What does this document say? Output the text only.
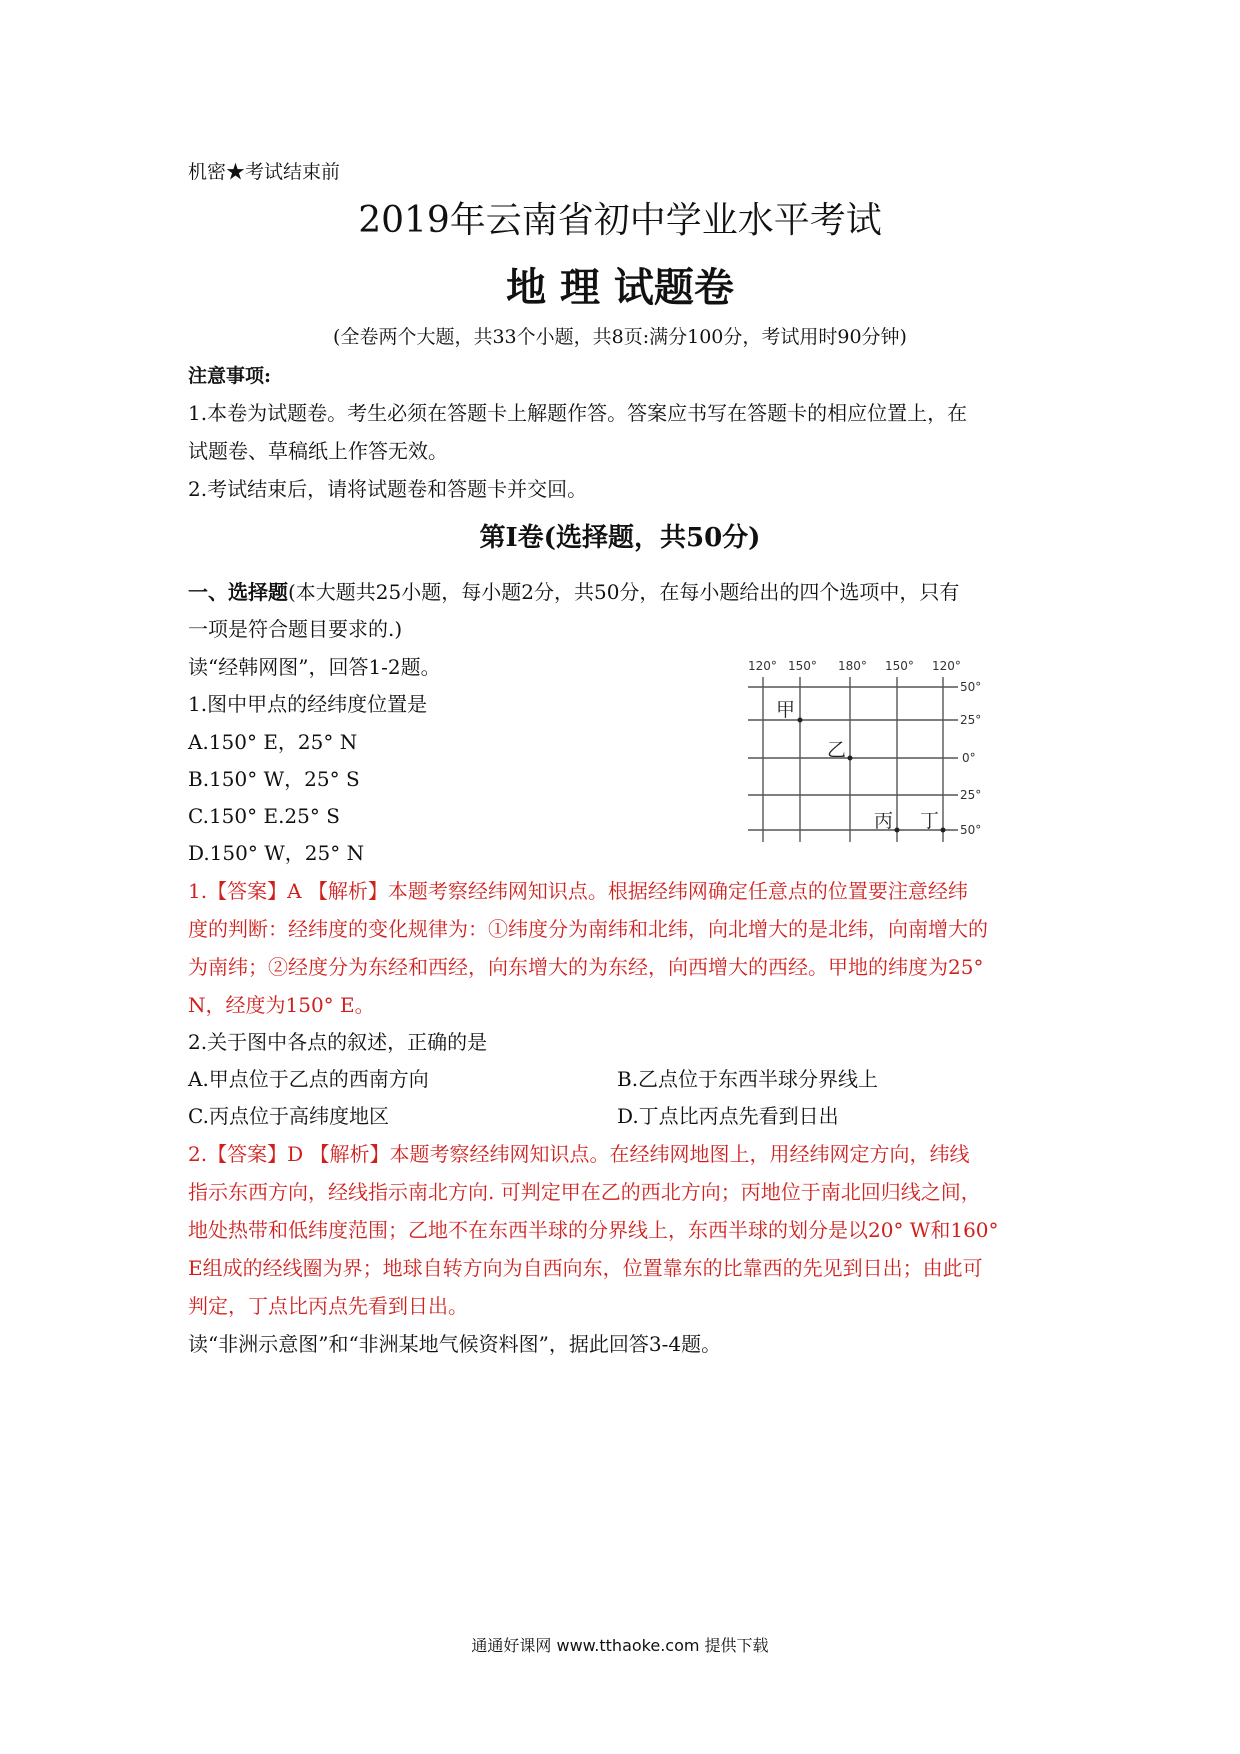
机密★考试结束前
2019年云南省初中学业水平考试
地 理 试题卷
(全卷两个大题，共33个小题，共8页:满分100分，考试用时90分钟)
注意事项:
1.本卷为试题卷。考生必须在答题卡上解题作答。答案应书写在答题卡的相应位置上，在
试题卷、草稿纸上作答无效。
2.考试结束后，请将试题卷和答题卡并交回。
第I卷(选择题，共50分)
一、选择题(本大题共25小题，每小题2分，共50分，在每小题给出的四个选项中，只有
一项是符合题目要求的.)
读“经韩网图”，回答1-2题。
1.图中甲点的经纬度位置是
A.150° E，25° N
B.150° W，25° S
C.150° E.25° S
D.150° W，25° N
1.【答案】A 【解析】本题考察经纬网知识点。根据经纬网确定任意点的位置要注意经纬
度的判断：经纬度的变化规律为：①纬度分为南纬和北纬，向北增大的是北纬，向南增大的
为南纬；②经度分为东经和西经，向东增大的为东经，向西增大的西经。甲地的纬度为25°
N，经度为150° E。
2.关于图中各点的叙述，正确的是
A.甲点位于乙点的西南方向	B.乙点位于东西半球分界线上
C.丙点位于高纬度地区	D.丁点比丙点先看到日出
2.【答案】D 【解析】本题考察经纬网知识点。在经纬网地图上，用经纬网定方向，纬线
指示东西方向，经线指示南北方向. 可判定甲在乙的西北方向；丙地位于南北回归线之间，
地处热带和低纬度范围；乙地不在东西半球的分界线上，东西半球的划分是以20° W和160°
E组成的经线圈为界；地球自转方向为自西向东，位置靠东的比靠西的先见到日出；由此可
判定，丁点比丙点先看到日出。
读“非洲示意图”和“非洲某地气候资料图”，据此回答3-4题。
120° 150° 180° 150° 120°
50°
25°
0°
25°
50°
甲
乙
丙 丁
通通好课网 www.tthaoke.com 提供下载
